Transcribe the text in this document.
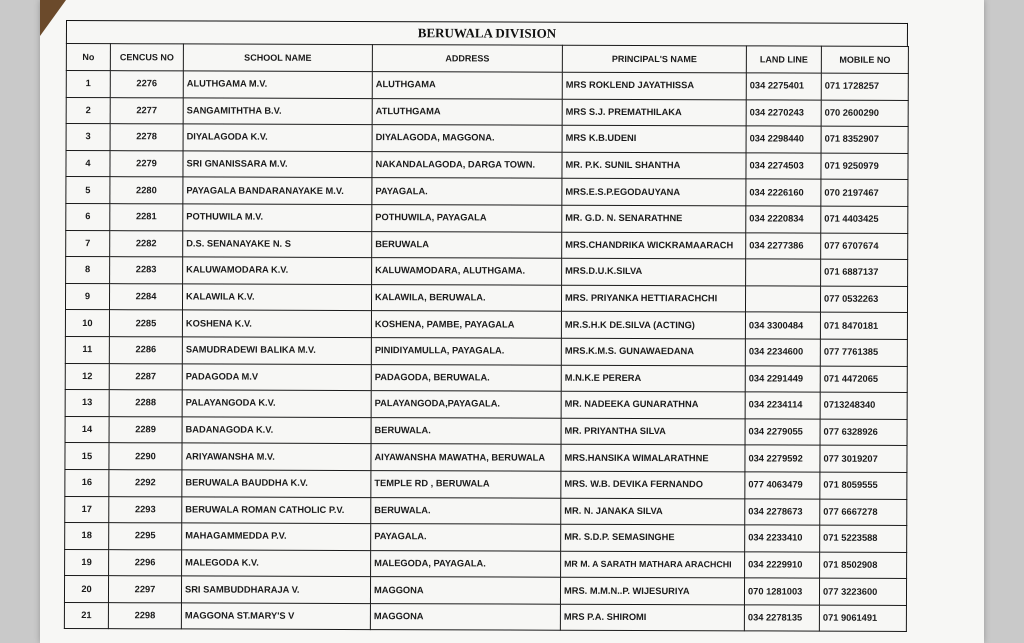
BERUWALA DIVISION
No	CENCUS NO	SCHOOL NAME	ADDRESS	PRINCIPAL'S NAME	LAND LINE	MOBILE NO
1	2276	ALUTHGAMA M.V.	ALUTHGAMA	MRS ROKLEND JAYATHISSA	034 2275401	071 1728257
2	2277	SANGAMITHTHA B.V.	ATLUTHGAMA	MRS S.J. PREMATHILAKA	034 2270243	070 2600290
3	2278	DIYALAGODA K.V.	DIYALAGODA, MAGGONA.	MRS K.B.UDENI	034 2298440	071 8352907
4	2279	SRI GNANISSARA M.V.	NAKANDALAGODA, DARGA TOWN.	MR. P.K. SUNIL SHANTHA	034 2274503	071 9250979
5	2280	PAYAGALA BANDARANAYAKE M.V.	PAYAGALA.	MRS.E.S.P.EGODAUYANA	034 2226160	070 2197467
6	2281	POTHUWILA M.V.	POTHUWILA, PAYAGALA	MR. G.D. N. SENARATHNE	034 2220834	071 4403425
7	2282	D.S. SENANAYAKE N. S	BERUWALA	MRS.CHANDRIKA WICKRAMAARACH	034 2277386	077 6707674
8	2283	KALUWAMODARA K.V.	KALUWAMODARA, ALUTHGAMA.	MRS.D.U.K.SILVA		071 6887137
9	2284	KALAWILA K.V.	KALAWILA, BERUWALA.	MRS. PRIYANKA HETTIARACHCHI		077 0532263
10	2285	KOSHENA K.V.	KOSHENA, PAMBE, PAYAGALA	MR.S.H.K DE.SILVA (ACTING)	034 3300484	071 8470181
11	2286	SAMUDRADEWI BALIKA M.V.	PINIDIYAMULLA, PAYAGALA.	MRS.K.M.S. GUNAWAEDANA	034 2234600	077 7761385
12	2287	PADAGODA M.V	PADAGODA, BERUWALA.	M.N.K.E PERERA	034 2291449	071 4472065
13	2288	PALAYANGODA K.V.	PALAYANGODA,PAYAGALA.	MR. NADEEKA GUNARATHNA	034 2234114	0713248340
14	2289	BADANAGODA K.V.	BERUWALA.	MR. PRIYANTHA SILVA	034 2279055	077 6328926
15	2290	ARIYAWANSHA M.V.	AIYAWANSHA MAWATHA, BERUWALA	MRS.HANSIKA WIMALARATHNE	034 2279592	077 3019207
16	2292	BERUWALA BAUDDHA K.V.	TEMPLE RD , BERUWALA	MRS. W.B. DEVIKA FERNANDO	077 4063479	071 8059555
17	2293	BERUWALA ROMAN CATHOLIC P.V.	BERUWALA.	MR. N. JANAKA SILVA	034 2278673	077 6667278
18	2295	MAHAGAMMEDDA P.V.	PAYAGALA.	MR. S.D.P. SEMASINGHE	034 2233410	071 5223588
19	2296	MALEGODA K.V.	MALEGODA, PAYAGALA.	MR M. A SARATH MATHARA ARACHCHI	034 2229910	071 8502908
20	2297	SRI SAMBUDDHARAJA V.	MAGGONA	MRS. M.M.N..P. WIJESURIYA	070 1281003	077 3223600
21	2298	MAGGONA ST.MARY'S V	MAGGONA	MRS P.A. SHIROMI	034 2278135	071 9061491
